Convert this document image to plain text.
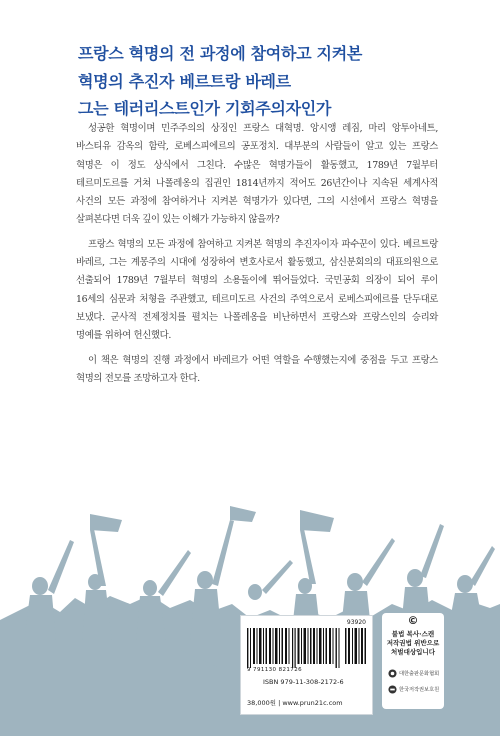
프랑스 혁명의 전 과정에 참여하고 지켜본
혁명의 추진자 베르트랑 바레르
그는 테러리스트인가 기회주의자인가

성공한 혁명이며 민주주의의 상징인 프랑스 대혁명. 앙시앵 레짐, 마리 앙투아네트, 바스티유 감옥의 함락, 로베스피에르의 공포정치. 대부분의 사람들이 알고 있는 프랑스 혁명은 이 정도 상식에서 그친다. 수많은 혁명가들이 활동했고, 1789년 7월부터 테르미도르를 거쳐 나폴레옹의 집권인 1814년까지 적어도 26년간이나 지속된 세계사적 사건의 모든 과정에 참여하거나 지켜본 혁명가가 있다면, 그의 시선에서 프랑스 혁명을 살펴본다면 더욱 깊이 있는 이해가 가능하지 않을까?

프랑스 혁명의 모든 과정에 참여하고 지켜본 혁명의 추진자이자 파수꾼이 있다. 베르트랑 바레르, 그는 계몽주의 시대에 성장하여 변호사로서 활동했고, 삼신분회의의 대표의원으로 선출되어 1789년 7월부터 혁명의 소용돌이에 뛰어들었다. 국민공회 의장이 되어 루이 16세의 심문과 처형을 주관했고, 테르미도르 사건의 주역으로서 로베스피에르를 단두대로 보냈다. 군사적 전제정치를 펼치는 나폴레옹을 비난하면서 프랑스와 프랑스인의 승리와 명예를 위하여 헌신했다.

이 책은 혁명의 진행 과정에서 바레르가 어떤 역할을 수행했는지에 중점을 두고 프랑스 혁명의 전모를 조망하고자 한다.

93920
9 791130 821726
ISBN 979-11-308-2172-6
38,000원 | www.prun21c.com
©
불법 복사·스캔
저작권법 위반으로
처벌대상입니다
대한출판문화협회
한국저작권보호원
